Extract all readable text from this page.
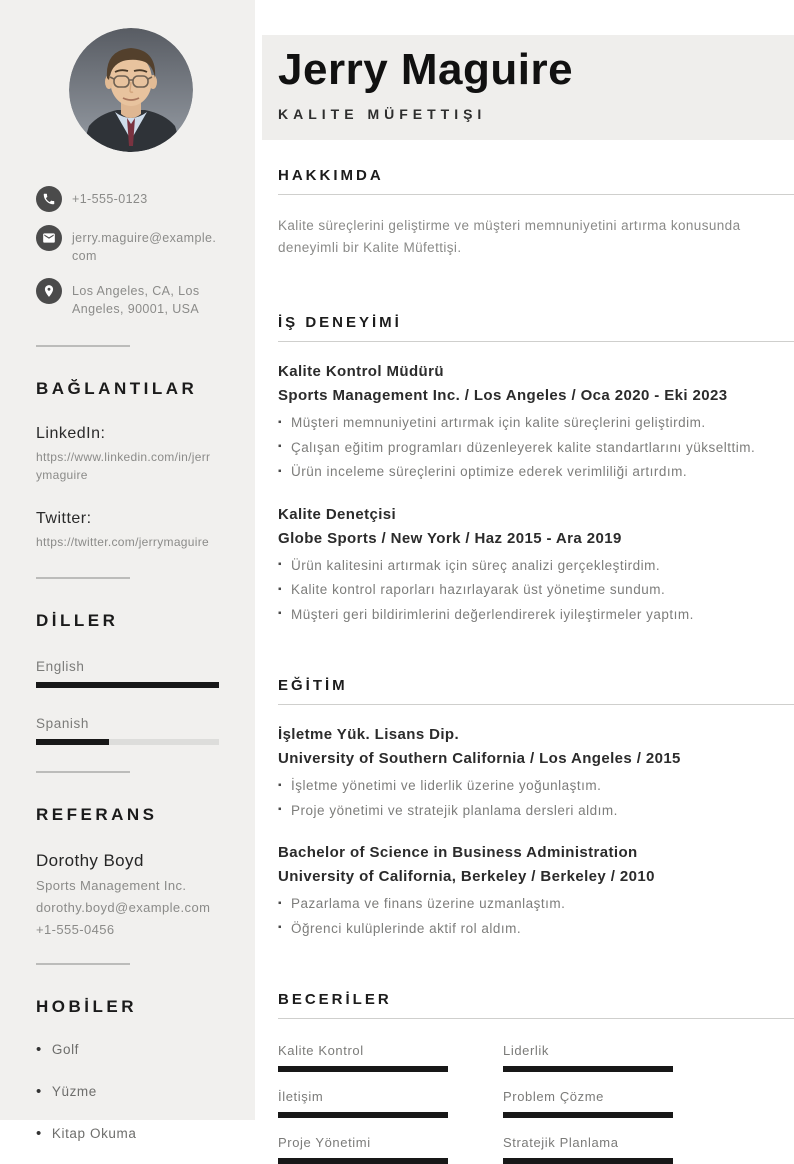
+1-555-0123
jerry.maguire@example.com
Los Angeles, CA, Los Angeles, 90001, USA
BAĞLANTILAR
LinkedIn:
https://www.linkedin.com/in/jerrymaguire
Twitter:
https://twitter.com/jerrymaguire
DİLLER
English
Spanish
REFERANS
Dorothy Boyd
Sports Management Inc.
dorothy.boyd@example.com
+1-555-0456
HOBİLER
• Golf
• Yüzme
• Kitap Okuma
Jerry Maguire
KALITE MÜFETTIŞI
HAKKIMDA

Kalite süreçlerini geliştirme ve müşteri memnuniyetini artırma konusunda deneyimli bir Kalite Müfettişi.

İŞ DENEYİMİ
Kalite Kontrol Müdürü
Sports Management Inc. / Los Angeles / Oca 2020 - Eki 2023
▪ Müşteri memnuniyetini artırmak için kalite süreçlerini geliştirdim.
▪ Çalışan eğitim programları düzenleyerek kalite standartlarını yükselttim.
▪ Ürün inceleme süreçlerini optimize ederek verimliliği artırdım.
Kalite Denetçisi
Globe Sports / New York / Haz 2015 - Ara 2019
▪ Ürün kalitesini artırmak için süreç analizi gerçekleştirdim.
▪ Kalite kontrol raporları hazırlayarak üst yönetime sundum.
▪ Müşteri geri bildirimlerini değerlendirerek iyileştirmeler yaptım.
EĞİTİM
İşletme Yük. Lisans Dip.
University of Southern California / Los Angeles / 2015
▪ İşletme yönetimi ve liderlik üzerine yoğunlaştım.
▪ Proje yönetimi ve stratejik planlama dersleri aldım.
Bachelor of Science in Business Administration
University of California, Berkeley / Berkeley / 2010
▪ Pazarlama ve finans üzerine uzmanlaştım.
▪ Öğrenci kulüplerinde aktif rol aldım.
BECERİLER
Kalite Kontrol	Liderlik
İletişim	Problem Çözme
Proje Yönetimi	Stratejik Planlama
